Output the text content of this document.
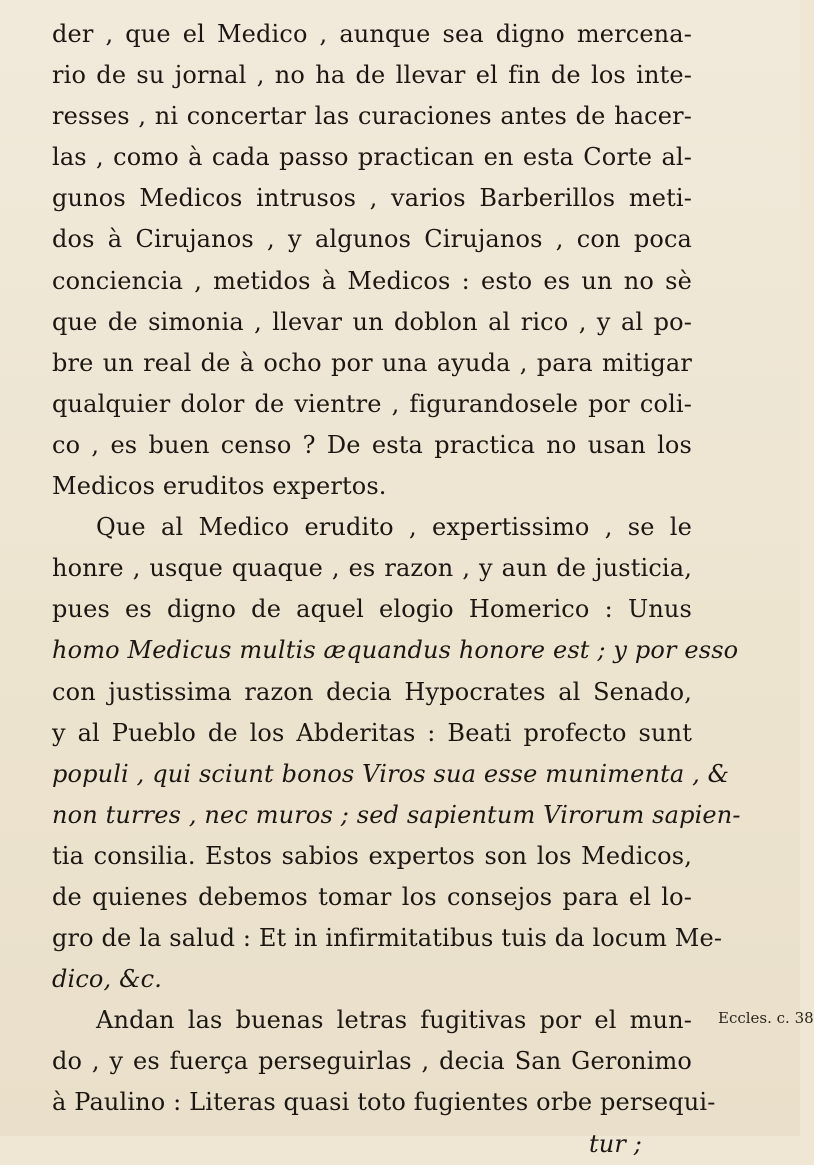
der , que el Medico , aunque sea digno mercena-
rio de su jornal , no ha de llevar el fin de los inte-
resses , ni concertar las curaciones antes de hacer-
las , como à cada passo practican en esta Corte al-
gunos Medicos intrusos , varios Barberillos meti-
dos à Cirujanos , y algunos Cirujanos , con poca
conciencia , metidos à Medicos : esto es un no sè
que de simonia , llevar un doblon al rico , y al po-
bre un real de à ocho por una ayuda , para mitigar
qualquier dolor de vientre , figurandosele por coli-
co , es buen censo ? De esta practica no usan los
Medicos eruditos expertos.
Que al Medico erudito , expertissimo , se le
honre , usque quaque , es razon , y aun de justicia,
pues es digno de aquel elogio Homerico : Unus
homo Medicus multis æquandus honore est ; y por esso
con justissima razon decia Hypocrates al Senado,
y al Pueblo de los Abderitas : Beati profecto sunt
populi , qui sciunt bonos Viros sua esse munimenta , &
non turres , nec muros ; sed sapientum Virorum sapien-
tia consilia. Estos sabios expertos son los Medicos,
de quienes debemos tomar los consejos para el lo-
gro de la salud : Et in infirmitatibus tuis da locum Me-
dico, &c.
Andan las buenas letras fugitivas por el mun-
do , y es fuerça perseguirlas , decia San Geronimo
à Paulino : Literas quasi toto fugientes orbe persequi-
tur ;
Eccles. c. 38
